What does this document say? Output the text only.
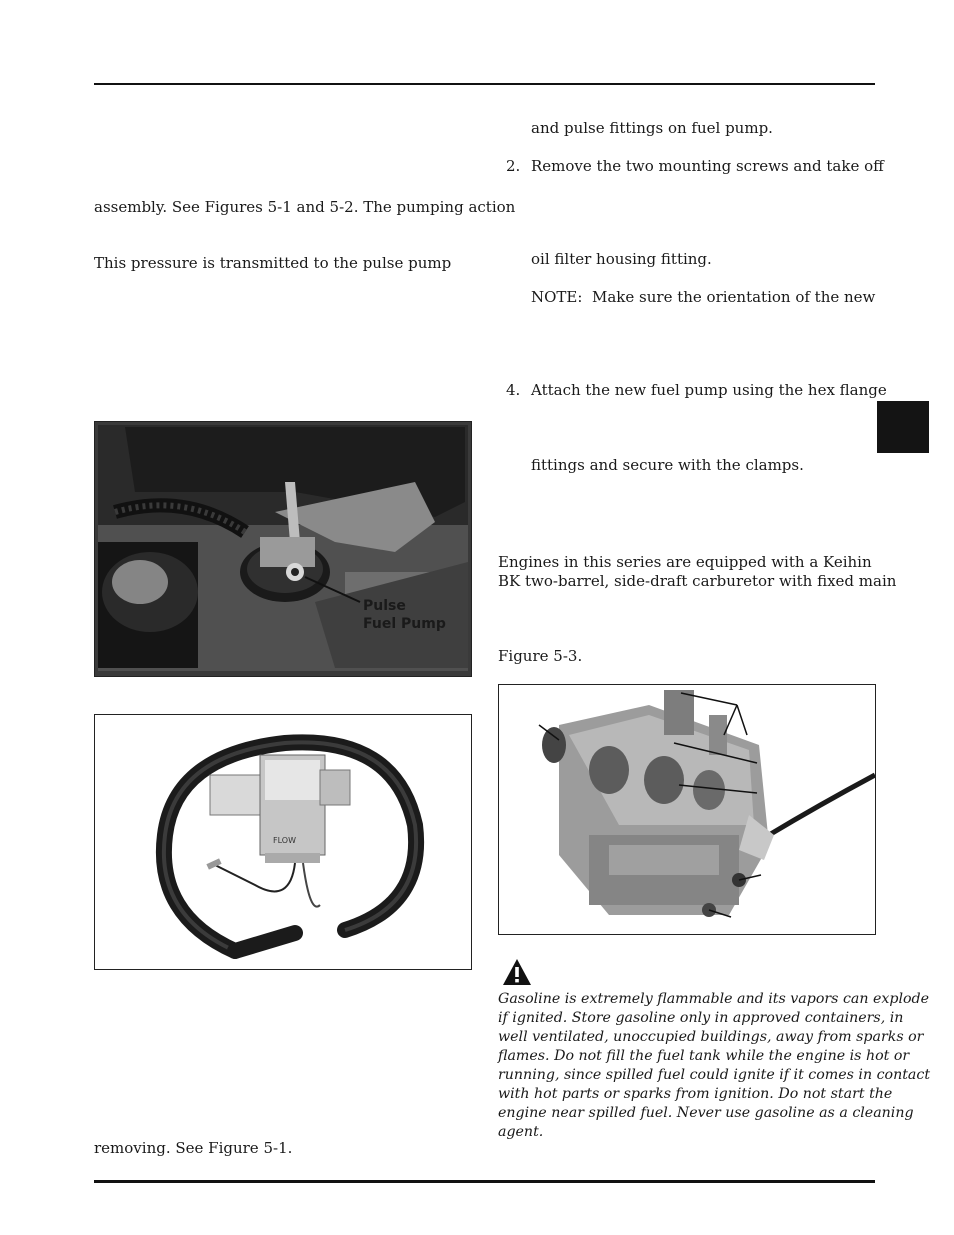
assembly. See Figures 5-1 and 5-2. The pumping action
This pressure is transmitted to the pulse pump
removing. See Figure 5-1.
and pulse fittings on fuel pump.
2. Remove the two mounting screws and take off
oil filter housing fitting.
NOTE: Make sure the orientation of the new
4. Attach the new fuel pump using the hex flange
fittings and secure with the clamps.
Engines in this series are equipped with a Keihin
BK two-barrel, side-draft carburetor with fixed main
Figure 5-3.
Pulse
Fuel Pump
FLOW
Gasoline is extremely flammable and its vapors can explode
if ignited. Store gasoline only in approved containers, in
well ventilated, unoccupied buildings, away from sparks or
flames. Do not fill the fuel tank while the engine is hot or
running, since spilled fuel could ignite if it comes in contact
with hot parts or sparks from ignition. Do not start the
engine near spilled fuel. Never use gasoline as a cleaning
agent.
